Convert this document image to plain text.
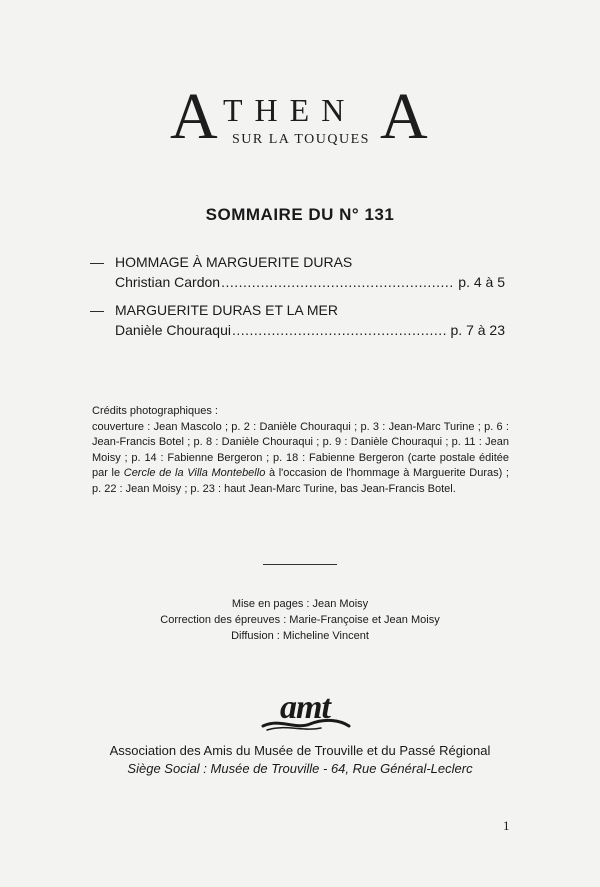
A THEN A
SUR LA TOUQUES
SOMMAIRE DU N° 131
— HOMMAGE À MARGUERITE DURAS
Christian Cardon .....	p. 4 à 5
— MARGUERITE DURAS ET LA MER
Danièle Chouraqui .....	p. 7 à 23
Crédits photographiques :
couverture : Jean Mascolo ; p. 2 : Danièle Chouraqui ; p. 3 : Jean-Marc Turine ; p. 6 : Jean-Francis Botel ; p. 8 : Danièle Chouraqui ; p. 9 : Danièle Chouraqui ; p. 11 : Jean Moisy ; p. 14 : Fabienne Bergeron ; p. 18 : Fabienne Bergeron (carte postale éditée par le Cercle de la Villa Montebello à l'occasion de l'hommage à Marguerite Duras) ; p. 22 : Jean Moisy ; p. 23 : haut Jean-Marc Turine, bas Jean-Francis Botel.
Mise en pages : Jean Moisy
Correction des épreuves : Marie-Françoise et Jean Moisy
Diffusion : Micheline Vincent
amt
Association des Amis du Musée de Trouville et du Passé Régional
Siège Social : Musée de Trouville - 64, Rue Général-Leclerc
1
